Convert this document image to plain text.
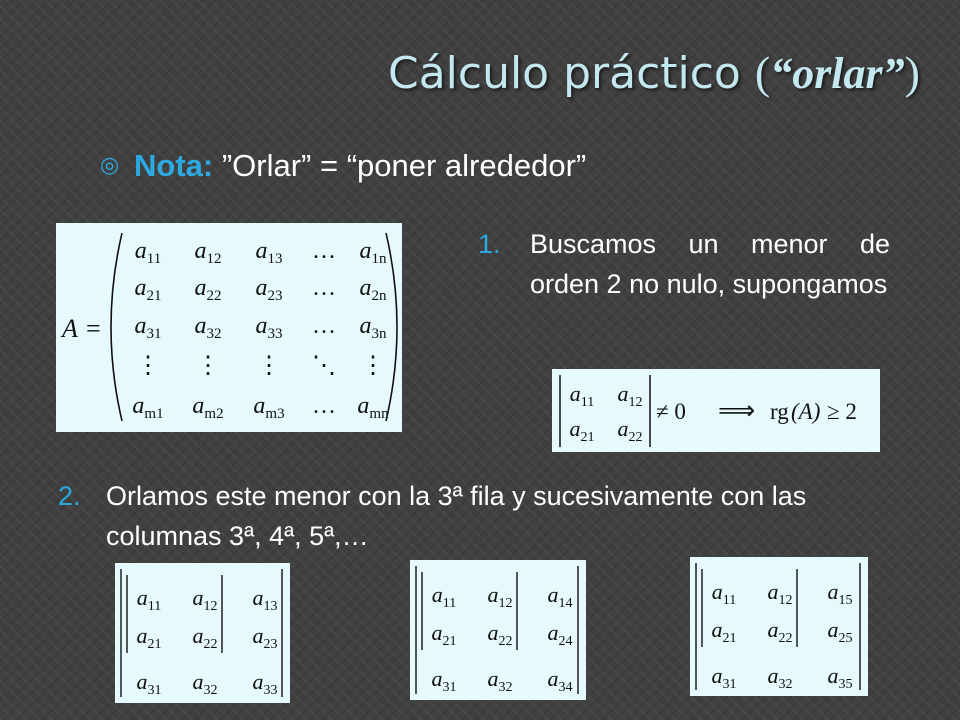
Cálculo práctico (“orlar”)
◎ Nota: ”Orlar” = “poner alrededor”
1. Buscamos un menor de orden 2 no nulo, supongamos
2. Orlamos este menor con la 3ª fila y sucesivamente con las columnas 3ª, 4ª, 5ª,…
A =
$a_{11}$ $a_{12}$ $a_{13}$ … $a_{1n}$
$a_{21}$ $a_{22}$ $a_{23}$ … $a_{2n}$
$a_{31}$ $a_{32}$ $a_{33}$ … $a_{3n}$
⋮ ⋮ ⋮ ⋱ ⋮
$a_{m1}$ $a_{m2}$ $a_{m3}$ … $a_{mn}$
$a_{11}$ $a_{12}$
$a_{21}$ $a_{22}$
≠ 0 ⟹ rg (A) ≥ 2
$a_{11}$ $a_{12}$ $a_{13}$
$a_{21}$ $a_{22}$ $a_{23}$
$a_{31}$ $a_{32}$ $a_{33}$
$a_{11}$ $a_{12}$ $a_{14}$
$a_{21}$ $a_{22}$ $a_{24}$
$a_{31}$ $a_{32}$ $a_{34}$
$a_{11}$ $a_{12}$ $a_{15}$
$a_{21}$ $a_{22}$ $a_{25}$
$a_{31}$ $a_{32}$ $a_{35}$
